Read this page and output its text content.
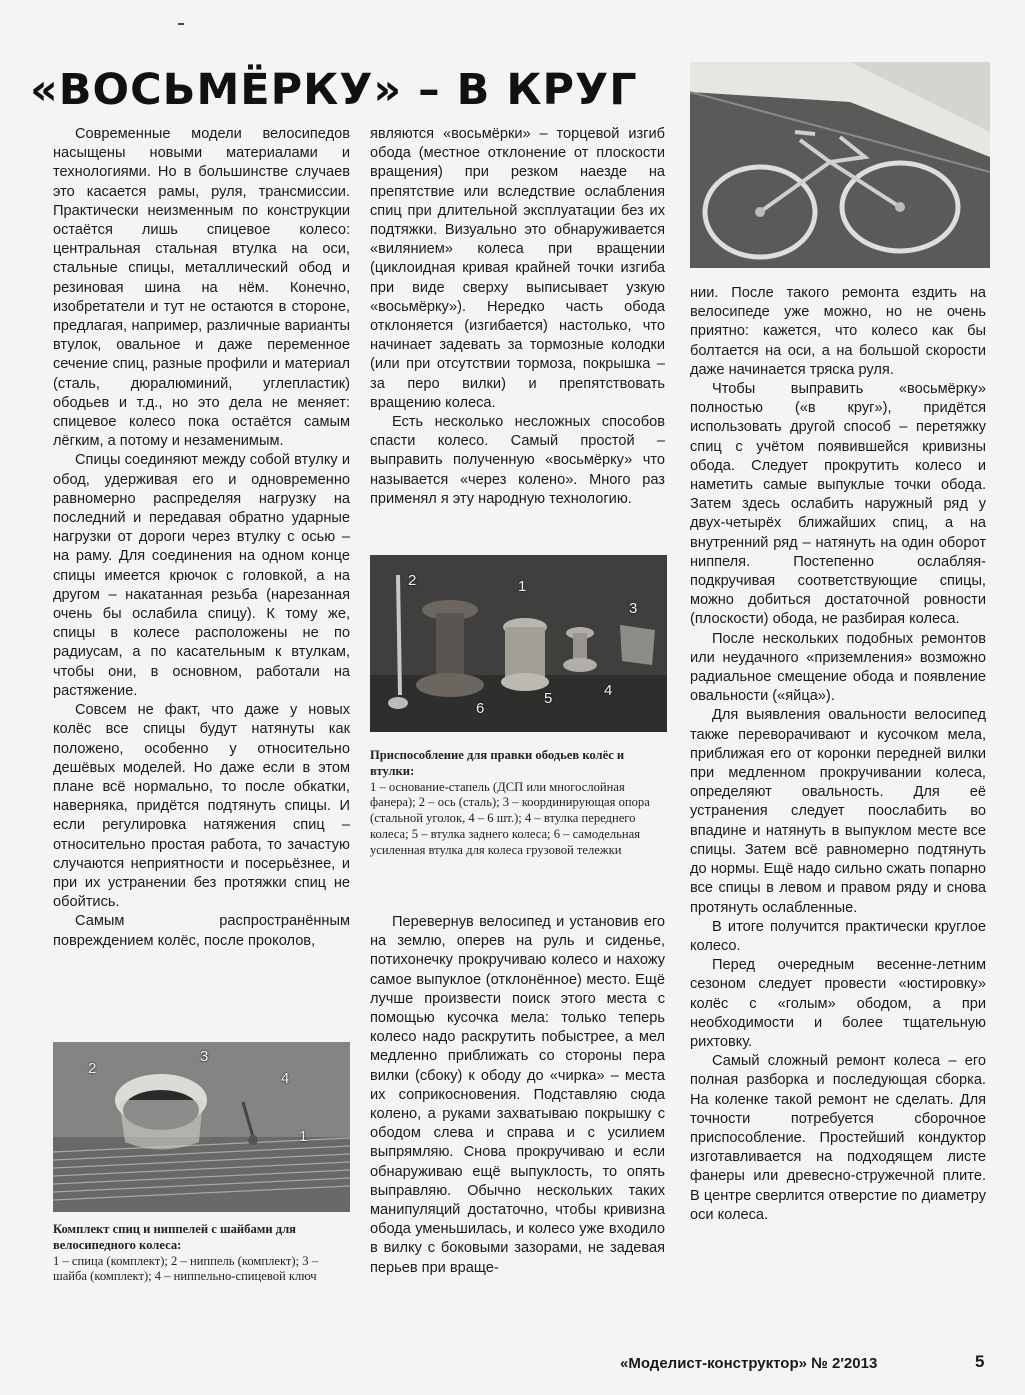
«ВОСЬМЁРКУ» – В КРУГ

Современные модели велосипедов насыщены новыми материалами и технологиями. Но в большинстве случаев это касается рамы, руля, трансмиссии. Практически неизменным по конструкции остаётся лишь спицевое колесо: центральная стальная втулка на оси, стальные спицы, металлический обод и резиновая шина на нём. Конечно, изобретатели и тут не остаются в стороне, предлагая, например, различные варианты втулок, овальное и даже переменное сечение спиц, разные профили и материал (сталь, дюралюминий, углепластик) ободьев и т.д., но это дела не меняет: спицевое колесо пока остаётся самым лёгким, а потому и незаменимым.

Спицы соединяют между собой втулку и обод, удерживая его и одновременно равномерно распределяя нагрузку на последний и передавая обратно ударные нагрузки от дороги через втулку с осью – на раму. Для соединения на одном конце спицы имеется крючок с головкой, а на другом – накатанная резьба (нарезанная очень бы ослабила спицу). К тому же, спицы в колесе расположены не по радиусам, а по касательным к втулкам, чтобы они, в основном, работали на растяжение.

Совсем не факт, что даже у новых колёс все спицы будут натянуты как положено, особенно у относительно дешёвых моделей. Но даже если в этом плане всё нормально, то после обкатки, наверняка, придётся подтянуть спицы. И если регулировка натяжения спиц – относительно простая работа, то зачастую случаются неприятности и посерьёзнее, и при их устранении без протяжки спиц не обойтись.

Самым распространённым повреждением колёс, после проколов,

являются «восьмёрки» – торцевой изгиб обода (местное отклонение от плоскости вращения) при резком наезде на препятствие или вследствие ослабления спиц при длительной эксплуатации без их подтяжки. Визуально это обнаруживается «вилянием» колеса при вращении (циклоидная кривая крайней точки изгиба при виде сверху выписывает узкую «восьмёрку»). Нередко часть обода отклоняется (изгибается) настолько, что начинает задевать за тормозные колодки (или при отсутствии тормоза, покрышка – за перо вилки) и препятствовать вращению колеса.

Есть несколько несложных способов спасти колесо. Самый простой – выправить полученную «восьмёрку» что называется «через колено». Много раз применял я эту народную технологию.

Перевернув велосипед и установив его на землю, оперев на руль и сиденье, потихонечку прокручиваю колесо и нахожу самое выпуклое (отклонённое) место. Ещё лучше произвести поиск этого места с помощью кусочка мела: только теперь колесо надо раскрутить побыстрее, а мел медленно приближать со стороны пера вилки (сбоку) к ободу до «чирка» – места их соприкосновения. Подставляю сюда колено, а руками захватываю покрышку с ободом слева и справа и с усилием выпрямляю. Снова прокручиваю и если обнаруживаю ещё выпуклость, то опять выправляю. Обычно нескольких таких манипуляций достаточно, чтобы кривизна обода уменьшилась, и колесо уже входило в вилку с боковыми зазорами, не задевая перьев при враще-

нии. После такого ремонта ездить на велосипеде уже можно, но не очень приятно: кажется, что колесо как бы болтается на оси, а на большой скорости даже начинается тряска руля.

Чтобы выправить «восьмёрку» полностью («в круг»), придётся использовать другой способ – перетяжку спиц с учётом появившейся кривизны обода. Следует прокрутить колесо и наметить самые выпуклые точки обода. Затем здесь ослабить наружный ряд у двух-четырёх ближайших спиц, а на внутренний ряд – натянуть на один оборот ниппеля. Постепенно ослабляя-подкручивая соответствующие спицы, можно добиться достаточной ровности (плоскости) обода, не разбирая колеса.

После нескольких подобных ремонтов или неудачного «приземления» возможно радиальное смещение обода и появление овальности («яйца»).

Для выявления овальности велосипед также переворачивают и кусочком мела, приближая его от коронки передней вилки при медленном прокручивании колеса, определяют овальность. Для её устранения следует поослабить во впадине и натянуть в выпуклом месте все спицы. Затем всё равномерно подтянуть до нормы. Ещё надо сильно сжать попарно все спицы в левом и правом ряду и снова протянуть ослабленные.

В итоге получится практически круглое колесо.

Перед очередным весенне-летним сезоном следует провести «юстировку» колёс с «голым» ободом, а при необходимости и более тщательную рихтовку.

Самый сложный ремонт колеса – его полная разборка и последующая сборка. На коленке такой ремонт не сделать. Для точности потребуется сборочное приспособление. Простейший кондуктор изготавливается на подходящем листе фанеры или древесно-стружечной плите. В центре сверлится отверстие по диаметру оси колеса.

Приспособление для правки ободьев колёс и втулки:
1 – основание-стапель (ДСП или многослойная фанера); 2 – ось (сталь); 3 – координирующая опора (стальной уголок, 4 – 6 шт.); 4 – втулка переднего колеса; 5 – втулка заднего колеса; 6 – самодельная усиленная втулка для колеса грузовой тележки
Комплект спиц и ниппелей с шайбами для велосипедного колеса:
1 – спица (комплект); 2 – ниппель (комплект); 3 – шайба (комплект); 4 – ниппельно-спицевой ключ
«Моделист-конструктор» № 2'2013	5
1
2
3
4
5
6
1
2
3
4
